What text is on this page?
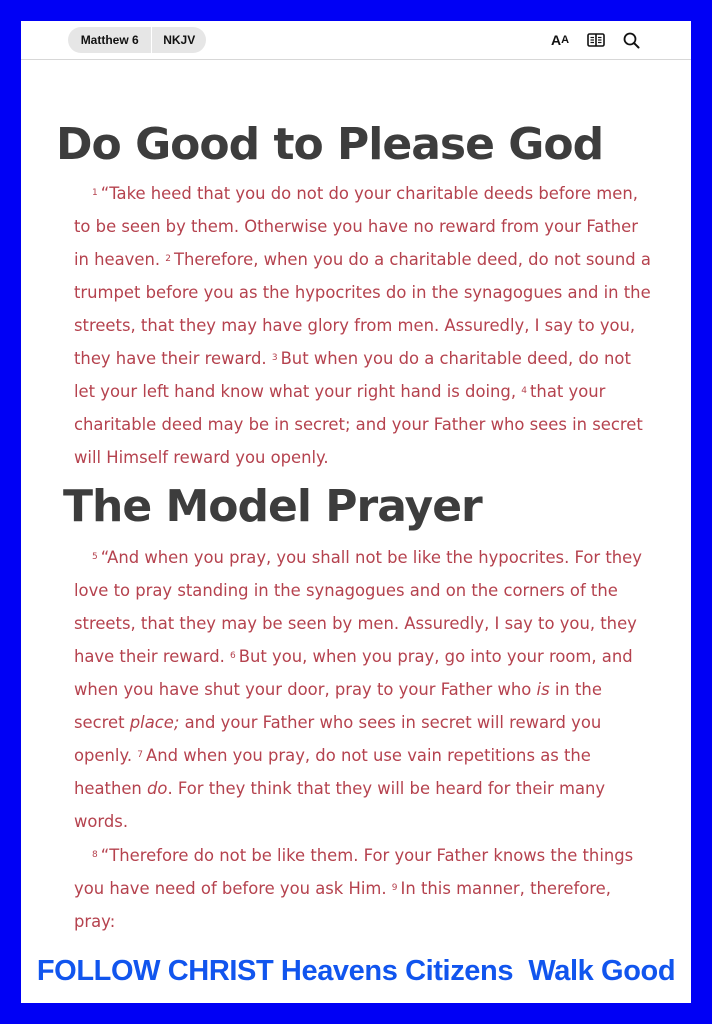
Matthew 6	NKJV	A A
Do Good to Please God

$^1$ “Take heed that you do not do your charitable deeds before men, to be seen by them. Otherwise you have no reward from your Father in heaven. $^2$ Therefore, when you do a charitable deed, do not sound a trumpet before you as the hypocrites do in the synagogues and in the streets, that they may have glory from men. Assuredly, I say to you, they have their reward. $^3$ But when you do a charitable deed, do not let your left hand know what your right hand is doing, $^4$ that your charitable deed may be in secret; and your Father who sees in secret will Himself reward you openly.

The Model Prayer

$^5$ “And when you pray, you shall not be like the hypocrites. For they love to pray standing in the synagogues and on the corners of the streets, that they may be seen by men. Assuredly, I say to you, they have their reward. $^6$ But you, when you pray, go into your room, and when you have shut your door, pray to your Father who is in the secret place; and your Father who sees in secret will reward you openly. $^7$ And when you pray, do not use vain repetitions as the heathen do. For they think that they will be heard for their many words.

$^8$ “Therefore do not be like them. For your Father knows the things you have need of before you ask Him. $^9$ In this manner, therefore, pray:

FOLLOW CHRIST Heavens Citizens  Walk Good
